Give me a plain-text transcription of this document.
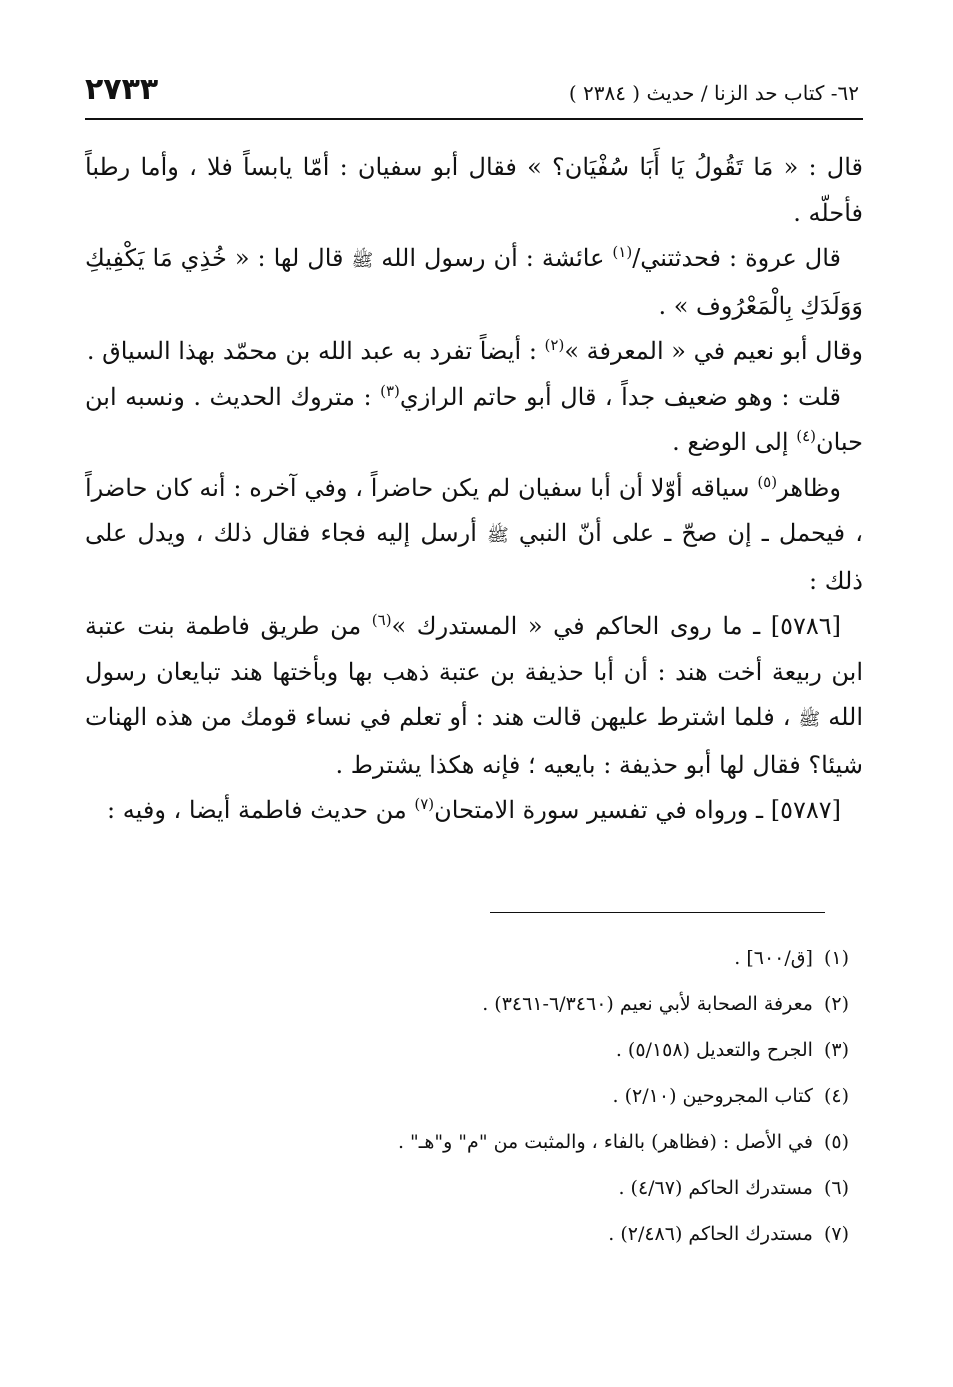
٢٧٣٣	٦٢- كتاب حد الزنا / حديث ( ٢٣٨٤ )

قال : « مَا تَقُولُ يَا أَبَا سُفْيَان؟ » فقال أبو سفيان : أمّا يابساً فلا ، وأما رطباً فأحلّه .

قال عروة : فحدثتني/$^{(١)}$ عائشة : أن رسول الله ﷺ قال لها : « خُذِي مَا يَكْفِيكِ وَوَلَدَكِ بِالْمَعْرُوف » .

وقال أبو نعيم في « المعرفة »$^{(٢)}$ : أيضاً تفرد به عبد الله بن محمّد بهذا السياق .

قلت : وهو ضعيف جداً ، قال أبو حاتم الرازي$^{(٣)}$ : متروك الحديث . ونسبه ابن حبان$^{(٤)}$ إلى الوضع .

وظاهر$^{(٥)}$ سياقه أوّلا أن أبا سفيان لم يكن حاضراً ، وفي آخره : أنه كان حاضراً ، فيحمل ـ إن صحّ ـ على أنّ النبي ﷺ أرسل إليه فجاء فقال ذلك ، ويدل على ذلك :

[٥٧٨٦] ـ ما روى الحاكم في « المستدرك »$^{(٦)}$ من طريق فاطمة بنت عتبة ابن ربيعة أخت هند : أن أبا حذيفة بن عتبة ذهب بها وبأختها هند تبايعان رسول الله ﷺ ، فلما اشترط عليهن قالت هند : أو تعلم في نساء قومك من هذه الهنات شيئا؟ فقال لها أبو حذيفة : بايعيه ؛ فإنه هكذا يشترط .

[٥٧٨٧] ـ ورواه في تفسير سورة الامتحان$^{(٧)}$ من حديث فاطمة أيضا ، وفيه :

(١) [ق/٦٠٠] .
(٢) معرفة الصحابة لأبي نعيم (٦/٣٤٦٠-٣٤٦١) .
(٣) الجرح والتعديل (٥/١٥٨) .
(٤) كتاب المجروحين (٢/١٠) .
(٥) في الأصل : (فظاهر) بالفاء ، والمثبت من "م" و"هـ" .
(٦) مستدرك الحاكم (٤/٦٧) .
(٧) مستدرك الحاكم (٢/٤٨٦) .
